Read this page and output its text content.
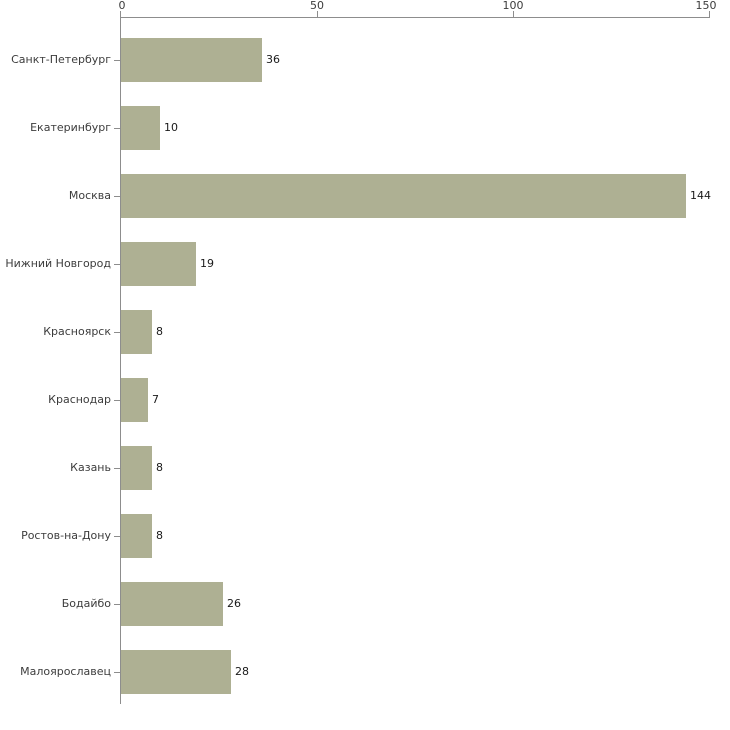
0	50	100	150
Санкт-Петербург
Екатеринбург
Москва
Нижний Новгород
Красноярск
Краснодар
Казань
Ростов-на-Дону
Бодайбо
Малоярославец
36
10
144
19
8
7
8
8
26
28
